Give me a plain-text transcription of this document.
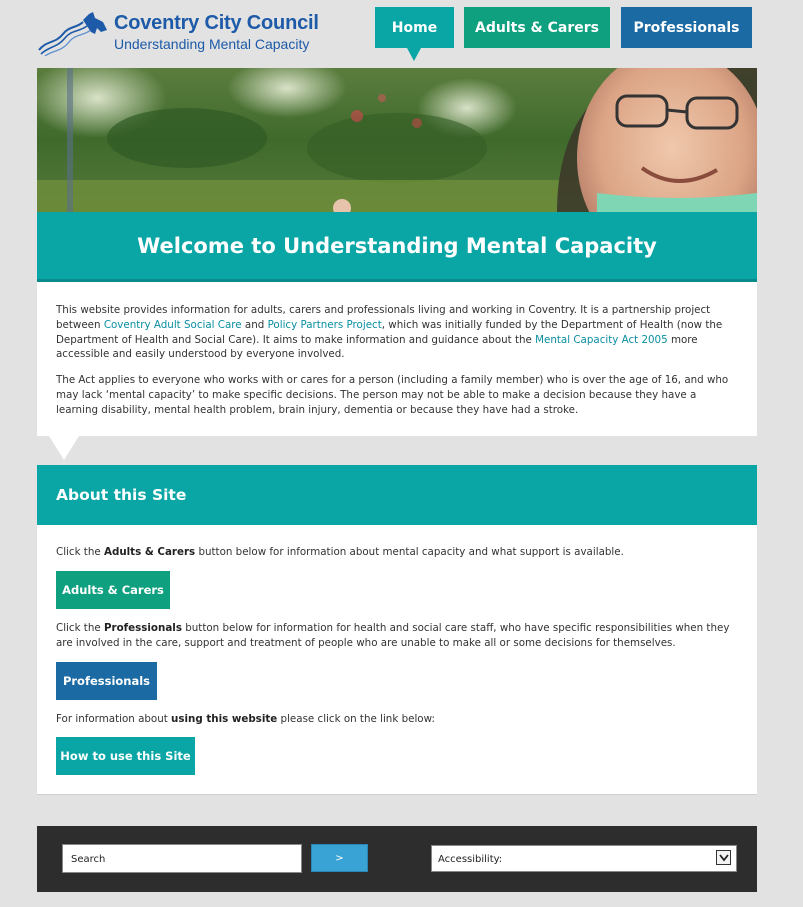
Coventry City Council
Understanding Mental Capacity
Home	Adults & Carers	Professionals
Welcome to Understanding Mental Capacity

This website provides information for adults, carers and professionals living and working in Coventry. It is a partnership project between Coventry Adult Social Care and Policy Partners Project, which was initially funded by the Department of Health (now the Department of Health and Social Care). It aims to make information and guidance about the Mental Capacity Act 2005 more accessible and easily understood by everyone involved.

The Act applies to everyone who works with or cares for a person (including a family member) who is over the age of 16, and who may lack ‘mental capacity’ to make specific decisions. The person may not be able to make a decision because they have a learning disability, mental health problem, brain injury, dementia or because they have had a stroke.

About this Site
Click the Adults & Carers button below for information about mental capacity and what support is available.
Adults & Carers
Click the Professionals button below for information for health and social care staff, who have specific responsibilities when they are involved in the care, support and treatment of people who are unable to make all or some decisions for themselves.
Professionals
For information about using this website please click on the link below:
How to use this Site
Search	>	Accessibility:
